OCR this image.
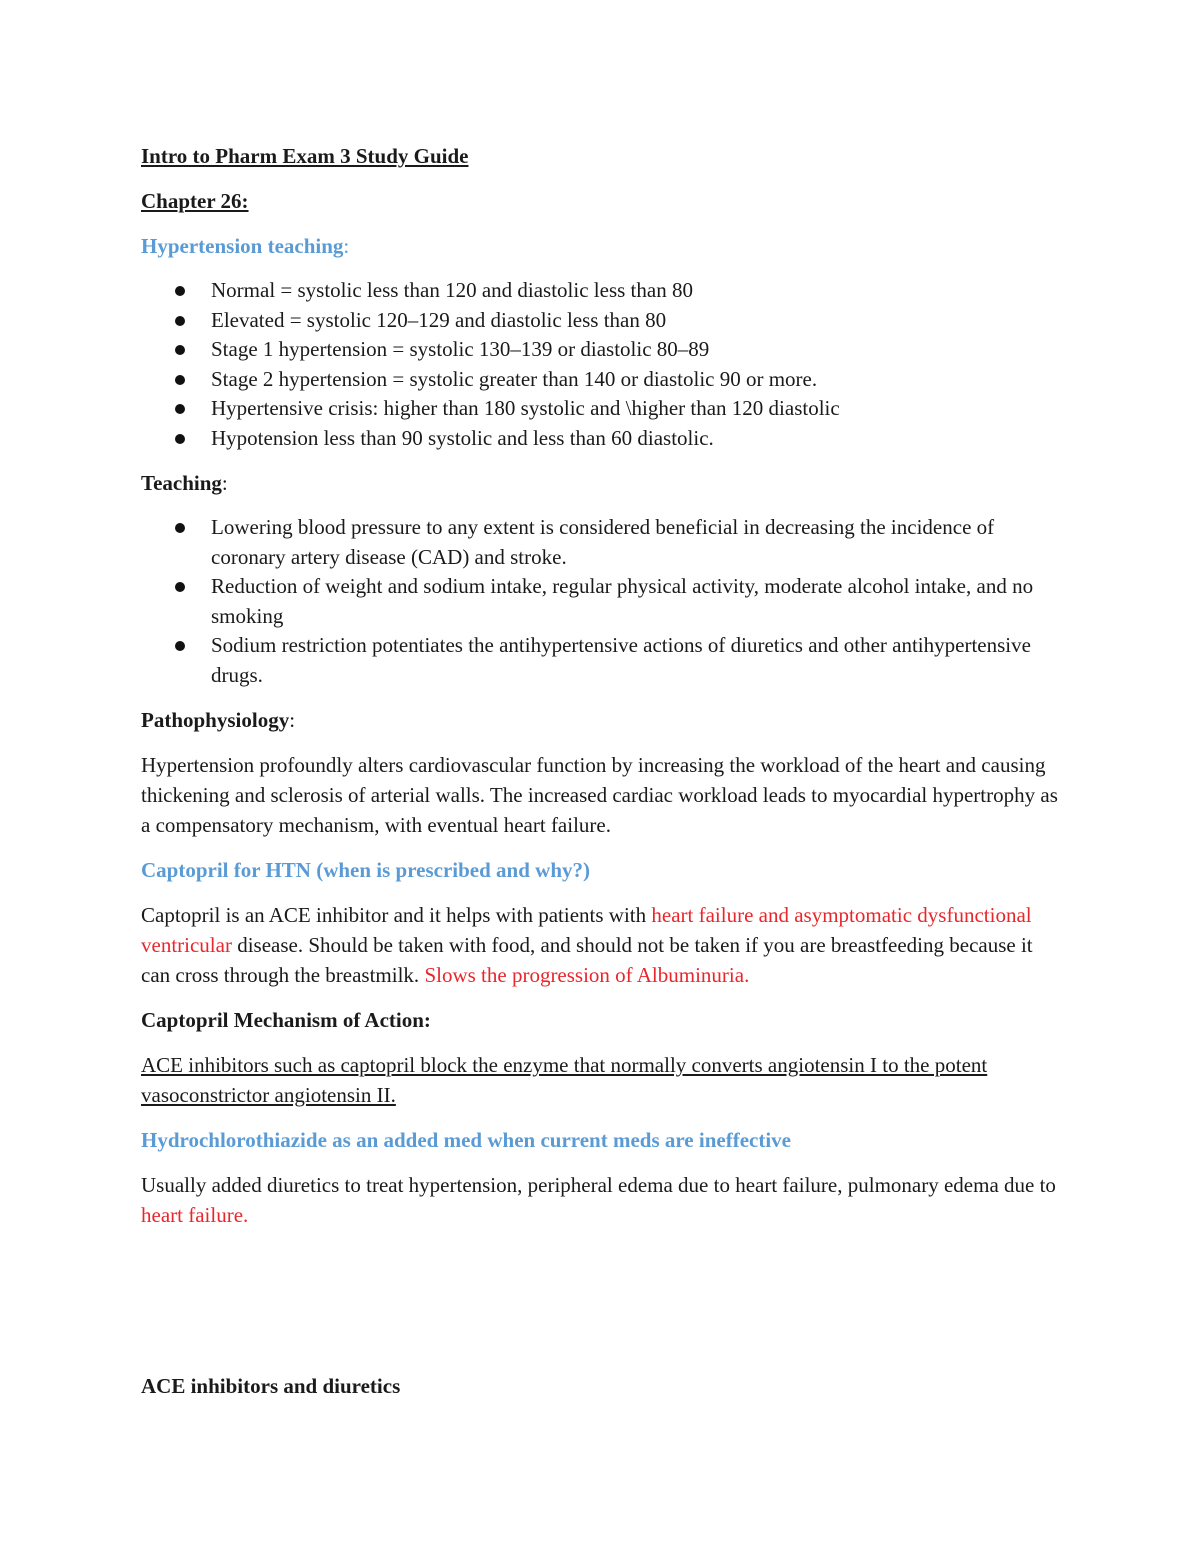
Intro to Pharm Exam 3 Study Guide
Chapter 26:
Hypertension teaching:
Normal = systolic less than 120 and diastolic less than 80
Elevated = systolic 120–129 and diastolic less than 80
Stage 1 hypertension = systolic 130–139 or diastolic 80–89
Stage 2 hypertension = systolic greater than 140 or diastolic 90 or more.
Hypertensive crisis: higher than 180 systolic and \higher than 120 diastolic
Hypotension less than 90 systolic and less than 60 diastolic.
Teaching:
Lowering blood pressure to any extent is considered beneficial in decreasing the incidence of coronary artery disease (CAD) and stroke.
Reduction of weight and sodium intake, regular physical activity, moderate alcohol intake, and no smoking
Sodium restriction potentiates the antihypertensive actions of diuretics and other antihypertensive drugs.
Pathophysiology:

Hypertension profoundly alters cardiovascular function by increasing the workload of the heart and causing thickening and sclerosis of arterial walls. The increased cardiac workload leads to myocardial hypertrophy as a compensatory mechanism, with eventual heart failure.

Captopril for HTN (when is prescribed and why?)

Captopril is an ACE inhibitor and it helps with patients with heart failure and asymptomatic dysfunctional ventricular disease. Should be taken with food, and should not be taken if you are breastfeeding because it can cross through the breastmilk. Slows the progression of Albuminuria.

Captopril Mechanism of Action:

ACE inhibitors such as captopril block the enzyme that normally converts angiotensin I to the potent vasoconstrictor angiotensin II.

Hydrochlorothiazide as an added med when current meds are ineffective

Usually added diuretics to treat hypertension, peripheral edema due to heart failure, pulmonary edema due to heart failure.

ACE inhibitors and diuretics
